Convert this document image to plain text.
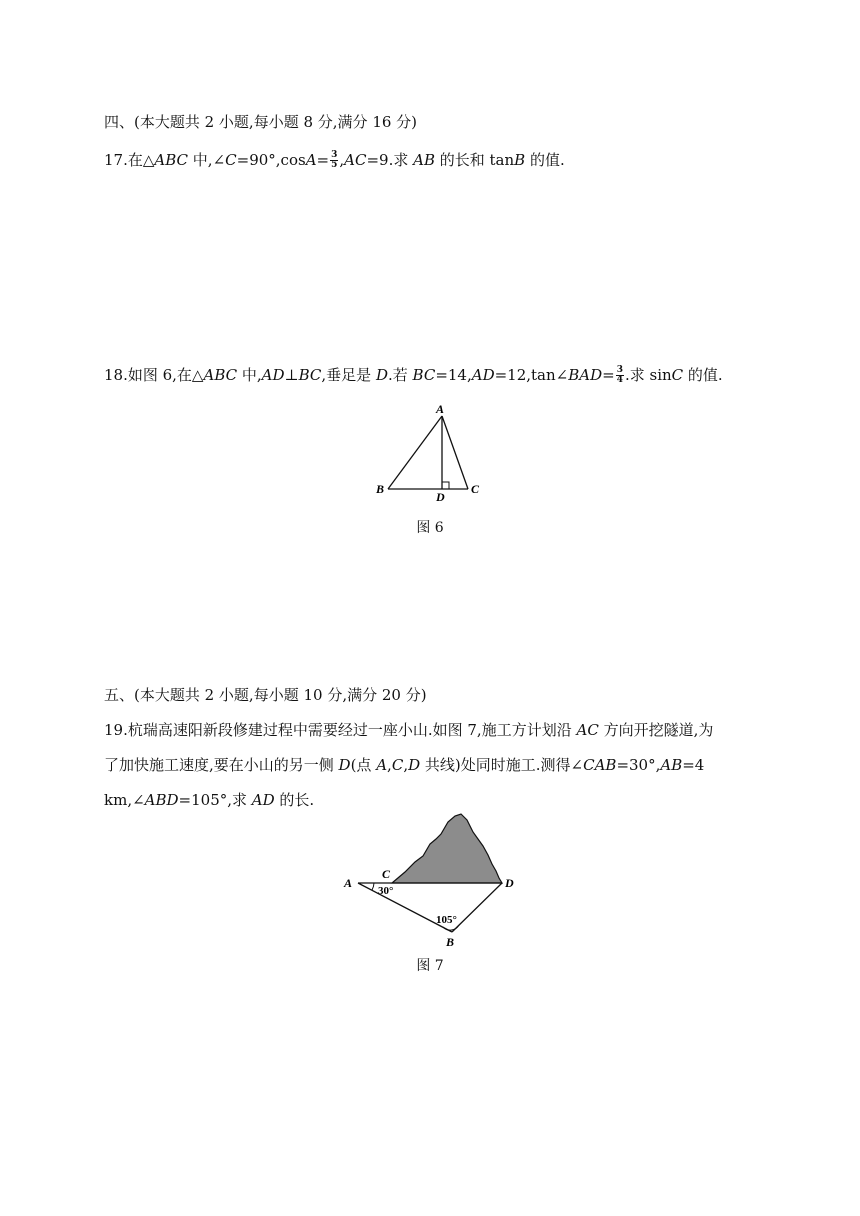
四、(本大题共 2 小题,每小题 8 分,满分 16 分)
17.在△ABC 中,∠C=90°,cosA= $\frac{3}{5} ,AC=9$.求 AB 的长和 tanB 的值.
18.如图 6,在△ABC 中,AD⊥BC,垂足是 D.若 BC=14,AD=12,tan∠BAD= $\frac{3}{4}$ .求 sinC 的值.
A
B	C
D
图 6
五、(本大题共 2 小题,每小题 10 分,满分 20 分)
19.杭瑞高速阳新段修建过程中需要经过一座小山.如图 7,施工方计划沿 AC 方向开挖隧道,为
了加快施工速度,要在小山的另一侧 D(点 A,C,D 共线)处同时施工.测得∠CAB=30°,AB=4
km,∠ABD=105°,求 AD 的长.
A
C
D
B
30°
105°
图 7
